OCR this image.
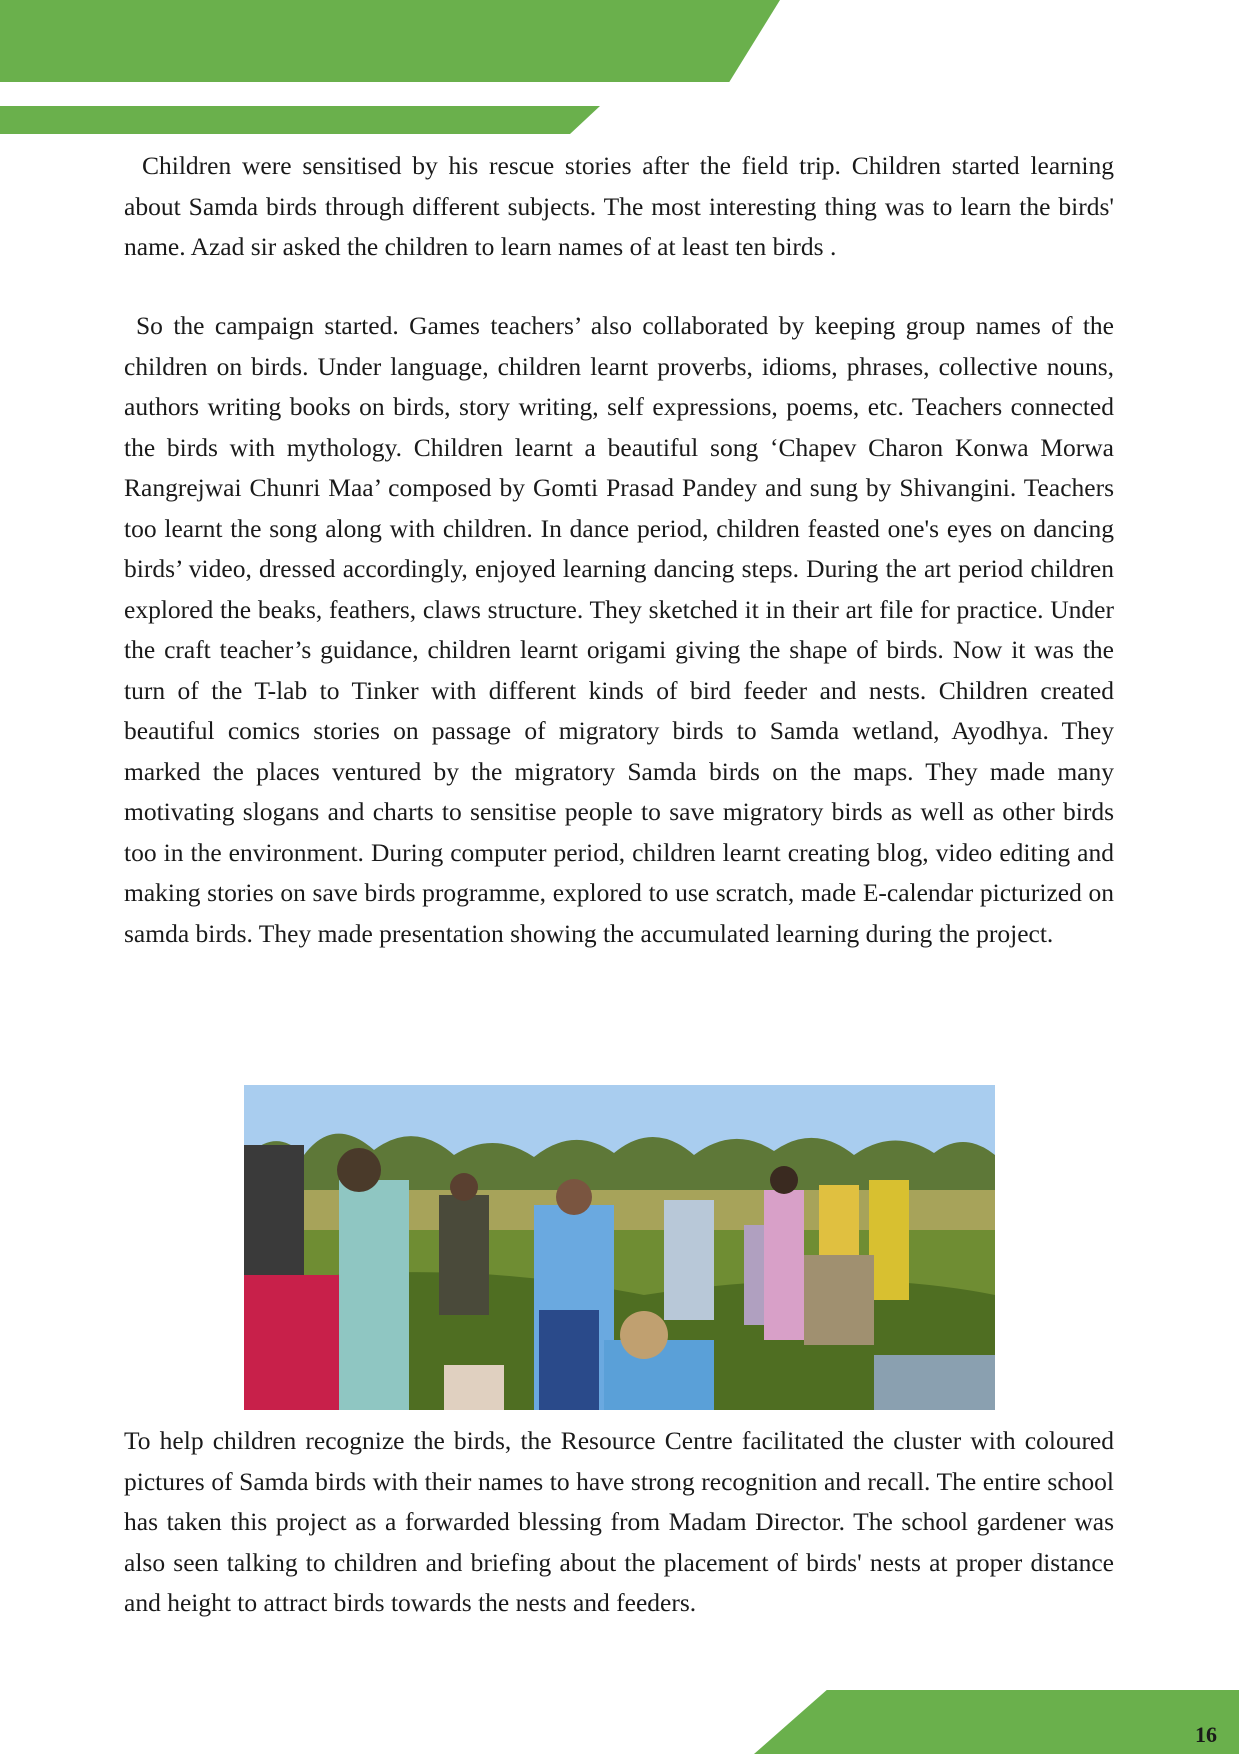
Children were sensitised by his rescue stories after the field trip. Children started learning about Samda birds through different subjects. The most interesting thing was to learn the birds' name. Azad sir asked the children to learn names of at least ten birds .

So the campaign started. Games teachers’ also collaborated by keeping group names of the children on birds. Under language, children learnt proverbs, idioms, phrases, collective nouns, authors writing books on birds, story writing, self expressions, poems, etc. Teachers connected the birds with mythology. Children learnt a beautiful song ‘Chapev Charon Konwa Morwa Rangrejwai Chunri Maa’ composed by Gomti Prasad Pandey and sung by Shivangini. Teachers too learnt the song along with children. In dance period, children feasted one's eyes on dancing birds’ video, dressed accordingly, enjoyed learning dancing steps. During the art period children explored the beaks, feathers, claws structure. They sketched it in their art file for practice. Under the craft teacher’s guidance, children learnt origami giving the shape of birds. Now it was the turn of the T-lab to Tinker with different kinds of bird feeder and nests. Children created beautiful comics stories on passage of migratory birds to Samda wetland, Ayodhya. They marked the places ventured by the migratory Samda birds on the maps. They made many motivating slogans and charts to sensitise people to save migratory birds as well as other birds too in the environment. During computer period, children learnt creating blog, video editing and making stories on save birds programme, explored to use scratch, made E-calendar picturized on samda birds. They made presentation showing the accumulated learning during the project.

To help children recognize the birds, the Resource Centre facilitated the cluster with coloured pictures of Samda birds with their names to have strong recognition and recall. The entire school has taken this project as a forwarded blessing from Madam Director. The school gardener was also seen talking to children and briefing about the placement of birds' nests at proper distance and height to attract birds towards the nests and feeders.

16
